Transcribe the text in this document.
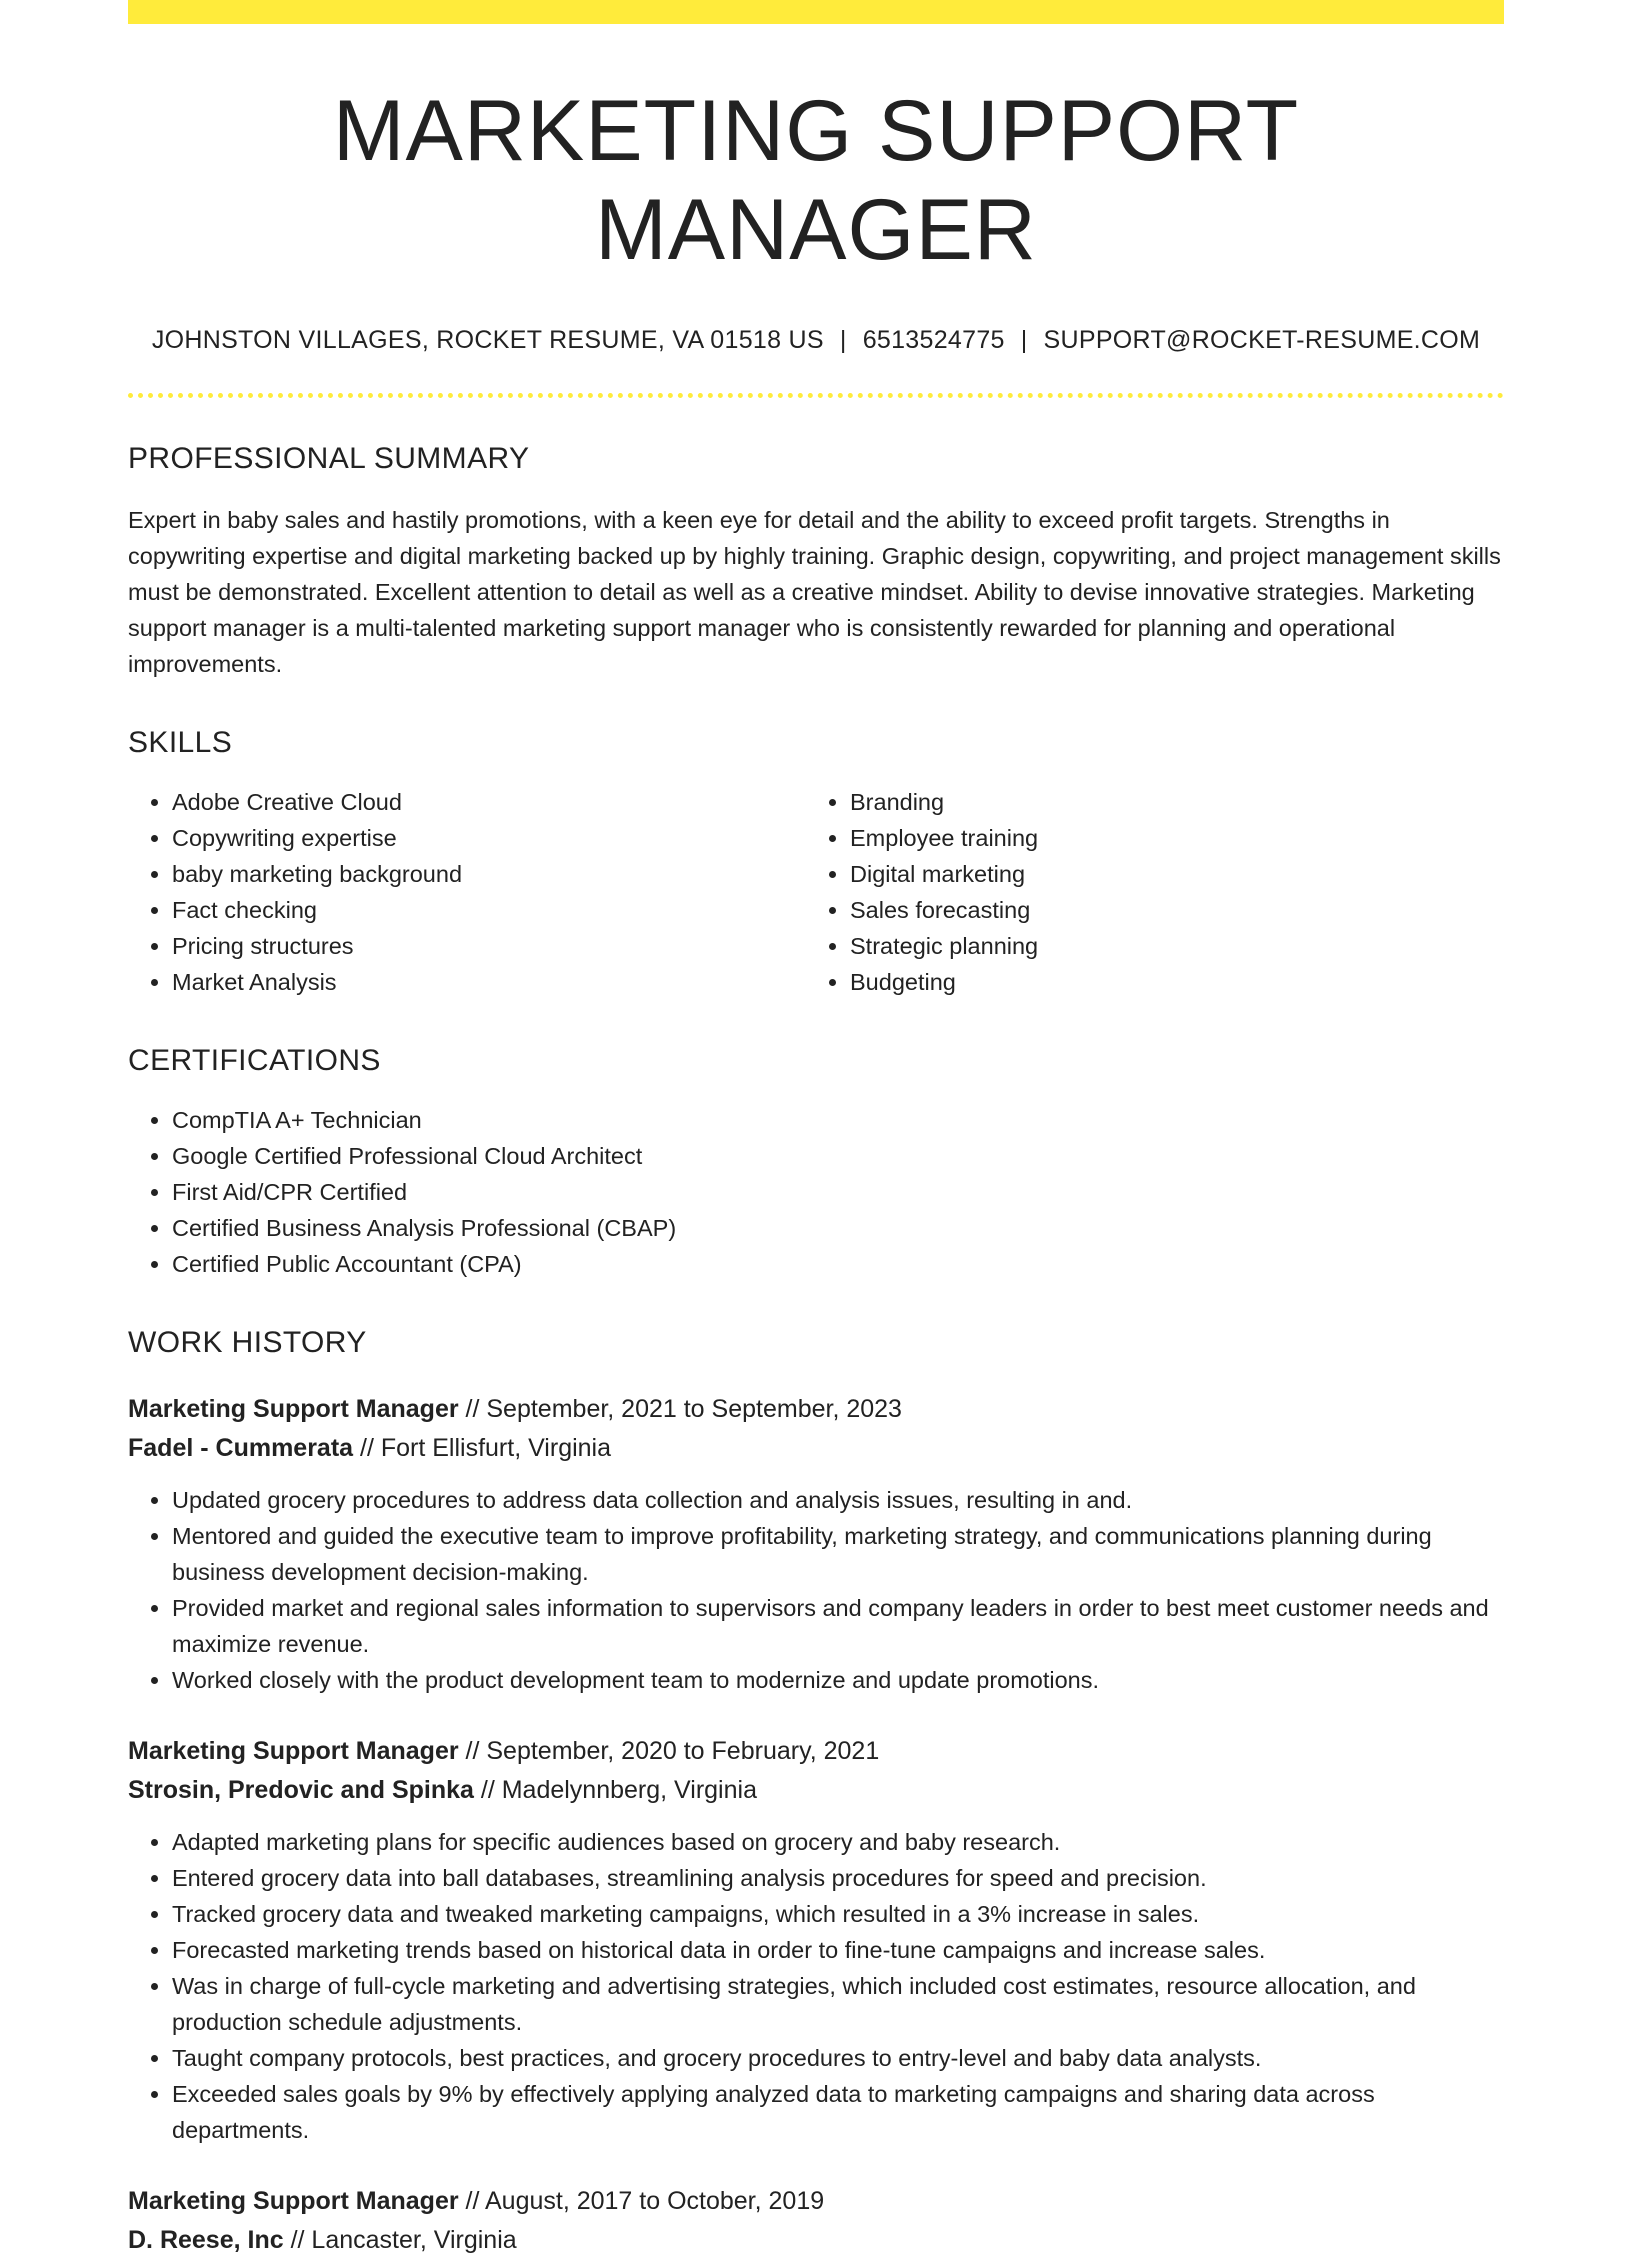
MARKETING SUPPORT MANAGER
JOHNSTON VILLAGES, ROCKET RESUME, VA 01518 US | 6513524775 | SUPPORT@ROCKET-RESUME.COM
PROFESSIONAL SUMMARY

Expert in baby sales and hastily promotions, with a keen eye for detail and the ability to exceed profit targets. Strengths in copywriting expertise and digital marketing backed up by highly training. Graphic design, copywriting, and project management skills must be demonstrated. Excellent attention to detail as well as a creative mindset. Ability to devise innovative strategies. Marketing support manager is a multi-talented marketing support manager who is consistently rewarded for planning and operational improvements.

SKILLS
• Adobe Creative Cloud
• Copywriting expertise
• baby marketing background
• Fact checking
• Pricing structures
• Market Analysis
• Branding
• Employee training
• Digital marketing
• Sales forecasting
• Strategic planning
• Budgeting
CERTIFICATIONS
• CompTIA A+ Technician
• Google Certified Professional Cloud Architect
• First Aid/CPR Certified
• Certified Business Analysis Professional (CBAP)
• Certified Public Accountant (CPA)
WORK HISTORY
Marketing Support Manager // September, 2021 to September, 2023
Fadel - Cummerata // Fort Ellisfurt, Virginia
• Updated grocery procedures to address data collection and analysis issues, resulting in and.
• Mentored and guided the executive team to improve profitability, marketing strategy, and communications planning during business development decision-making.
• Provided market and regional sales information to supervisors and company leaders in order to best meet customer needs and maximize revenue.
• Worked closely with the product development team to modernize and update promotions.
Marketing Support Manager // September, 2020 to February, 2021
Strosin, Predovic and Spinka // Madelynnberg, Virginia
• Adapted marketing plans for specific audiences based on grocery and baby research.
• Entered grocery data into ball databases, streamlining analysis procedures for speed and precision.
• Tracked grocery data and tweaked marketing campaigns, which resulted in a 3% increase in sales.
• Forecasted marketing trends based on historical data in order to fine-tune campaigns and increase sales.
• Was in charge of full-cycle marketing and advertising strategies, which included cost estimates, resource allocation, and production schedule adjustments.
• Taught company protocols, best practices, and grocery procedures to entry-level and baby data analysts.
• Exceeded sales goals by 9% by effectively applying analyzed data to marketing campaigns and sharing data across departments.
Marketing Support Manager // August, 2017 to October, 2019
D. Reese, Inc // Lancaster, Virginia
